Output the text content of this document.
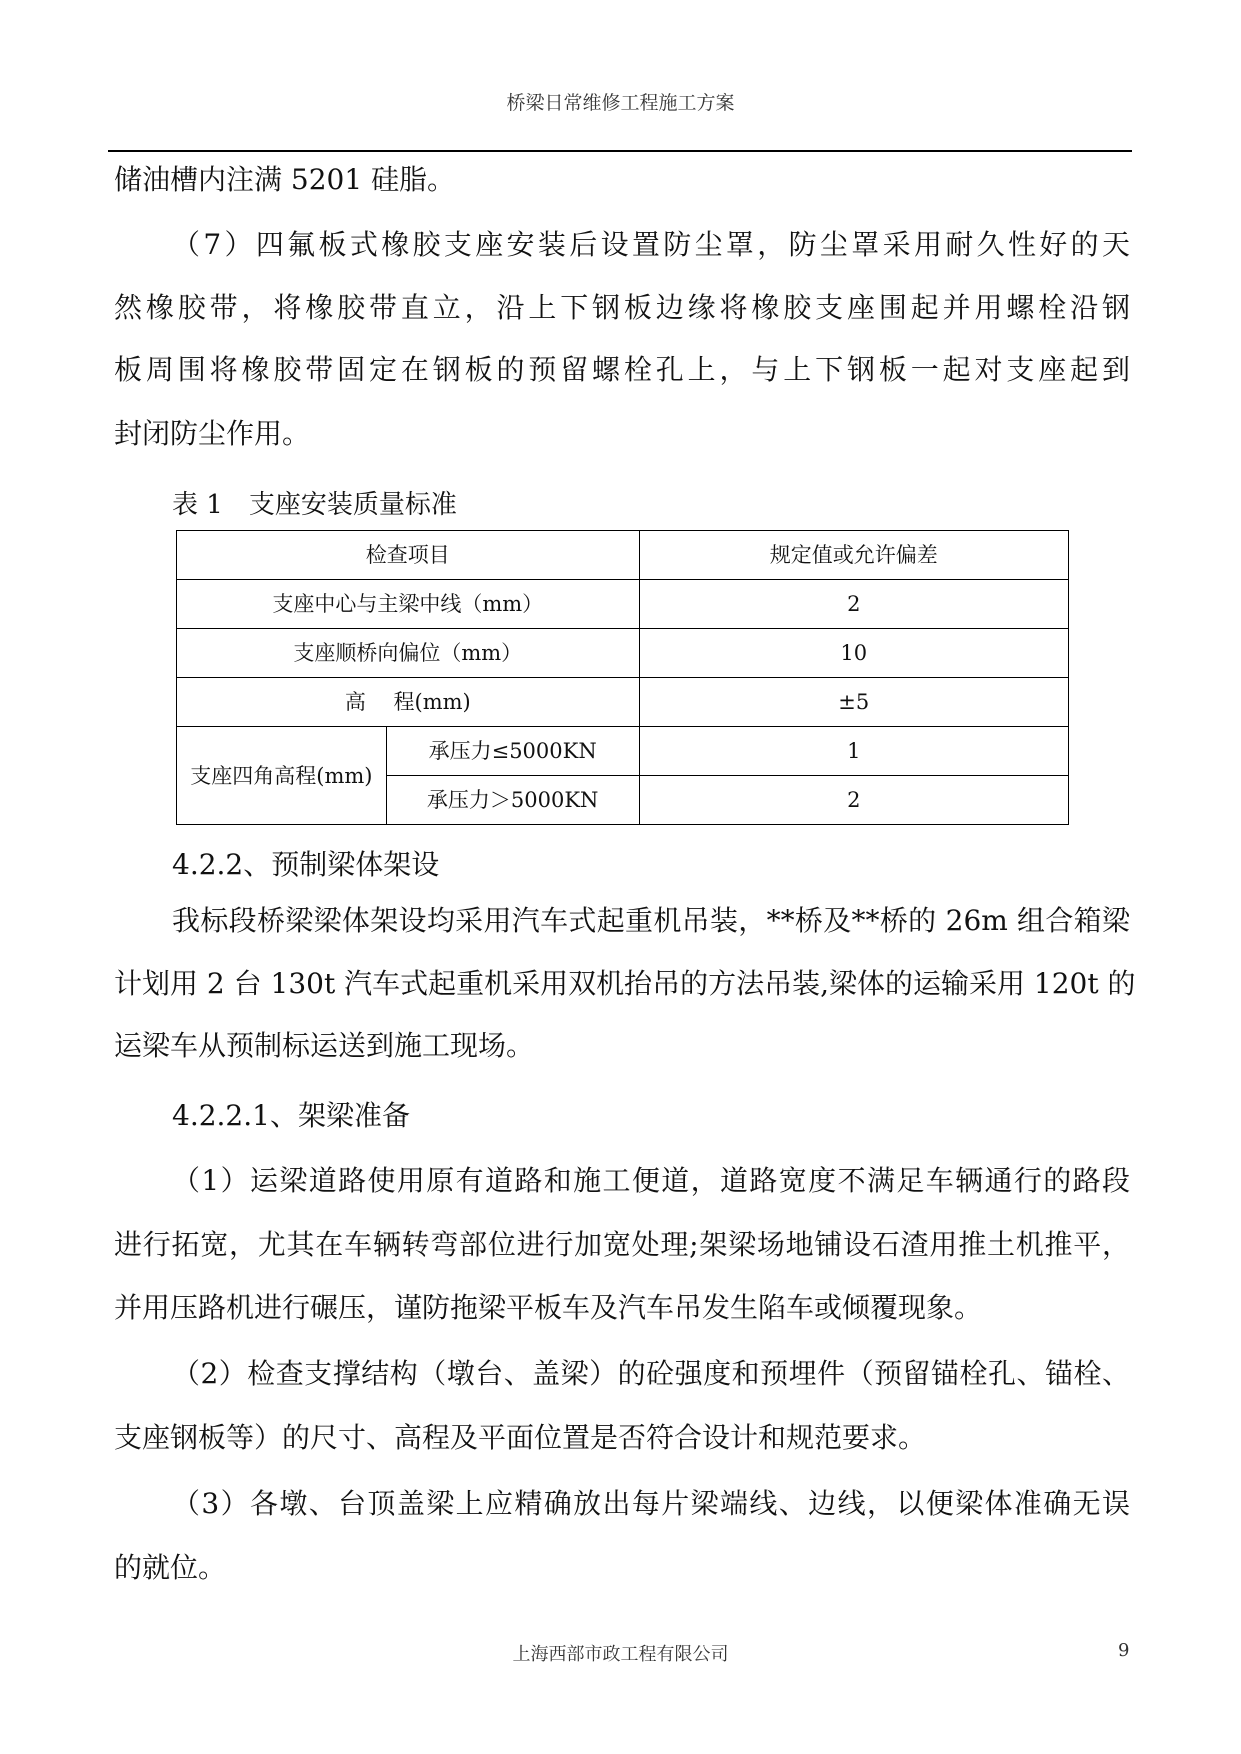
桥梁日常维修工程施工方案
储油槽内注满 5201 硅脂。
（7）四氟板式橡胶支座安装后设置防尘罩，防尘罩采用耐久性好的天
然橡胶带，将橡胶带直立，沿上下钢板边缘将橡胶支座围起并用螺栓沿钢
板周围将橡胶带固定在钢板的预留螺栓孔上，与上下钢板一起对支座起到
封闭防尘作用。
表 1 支座安装质量标准
检查项目		规定值或允许偏差
支座中心与主梁中线（mm）		2
支座顺桥向偏位（mm）		10
高　 程(mm)		±5
支座四角高程(mm)	承压力≤5000KN	1
	承压力＞5000KN	2
4.2.2、预制梁体架设
我标段桥梁梁体架设均采用汽车式起重机吊装，**桥及**桥的 26m 组合箱梁
计划用 2 台 130t 汽车式起重机采用双机抬吊的方法吊装,梁体的运输采用 120t 的
运梁车从预制标运送到施工现场。
4.2.2.1、架梁准备
（1）运梁道路使用原有道路和施工便道，道路宽度不满足车辆通行的路段
进行拓宽，尤其在车辆转弯部位进行加宽处理;架梁场地铺设石渣用推土机推平，
并用压路机进行碾压，谨防拖梁平板车及汽车吊发生陷车或倾覆现象。
（2）检查支撑结构（墩台、盖梁）的砼强度和预埋件（预留锚栓孔、锚栓、
支座钢板等）的尺寸、高程及平面位置是否符合设计和规范要求。
（3）各墩、台顶盖梁上应精确放出每片梁端线、边线，以便梁体准确无误
的就位。
上海西部市政工程有限公司	9
